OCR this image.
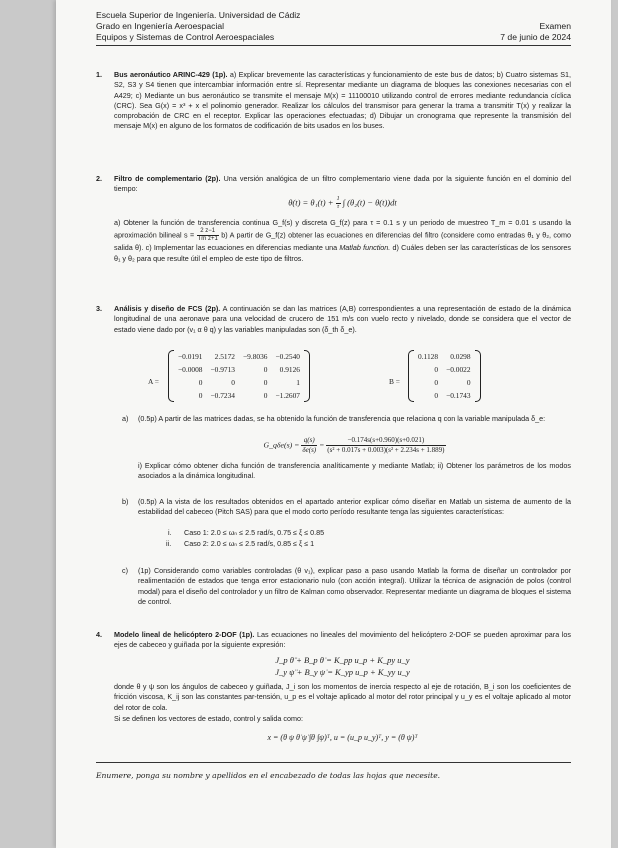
Escuela Superior de Ingeniería. Universidad de Cádiz
Grado en Ingeniería Aeroespacial
Equipos y Sistemas de Control Aeroespaciales
Examen
7 de junio de 2024
1. Bus aeronáutico ARINC-429 (1p). a) Explicar brevemente las características y funcionamiento de este bus de datos; b) Cuatro sistemas S1, S2, S3 y S4 tienen que intercambiar información entre sí. Representar mediante un diagrama de bloques las conexiones necesarias con el A429; c) Mediante un bus aeronáutico se transmite el mensaje M(x) = 11100010 utilizando control de errores mediante redundancia cíclica (CRC). Sea G(x) = x³ + x el polinomio generador. Realizar los cálculos del transmisor para generar la trama a transmitir T(x) y realizar la comprobación de CRC en el receptor. Explicar las operaciones efectuadas; d) Dibujar un cronograma que represente la transmisión del mensaje M(x) en alguno de los formatos de codificación de bits usados en los buses.
2. Filtro de complementario (2p). Una versión analógica de un filtro complementario viene dada por la siguiente función en el dominio del tiempo:
$\theta(t) = \theta_1(t) + \frac{1}{\tau}$ ∫ (θ₂(t) − θ(t))dt
a) Obtener la función de transferencia continua G_f(s) y discreta G_f(z) para τ = 0.1 s y un periodo de muestreo T_m = 0.01 s usando la aproximación bilineal $s = \frac{2 z-1}{\text{Tm z+1}} b$) A partir de G_f(z) obtener las ecuaciones en diferencias del filtro (considere como entradas θ₁ y θ₂, como salida θ). c) Implementar las ecuaciones en diferencias mediante una Matlab function. d) Cuáles deben ser las características de los sensores θ₁ y θ₂ para que resulte útil el empleo de este tipo de filtros.
3. Análisis y diseño de FCS (2p). A continuación se dan las matrices (A,B) correspondientes a una representación de estado de la dinámica longitudinal de una aeronave para una velocidad de crucero de 151 m/s con vuelo recto y nivelado, donde se considera que el vector de estado viene dado por (v₁ α θ q) y las variables manipuladas son (δ_th δ_e).
A =
−0.0191	2.5172	−9.8036	−0.2540
−0.0008	−0.9713	0	0.9126
0	0	0	1
0	−0.7234	0	−1.2607
B =
0.1128	0.0298
0	−0.0022
0	0
0	−0.1743
a) (0.5p) A partir de las matrices dadas, se ha obtenido la función de transferencia que relaciona q con la variable manipulada δ_e:
G_qδe(s) = $\frac{q(s)}{\delta e(s)} = \frac{-0.174s(s+0.960)(s+0.021)}{\text{(s² + 0.017s + 0.003)(s² + 2.234s + 1.889)}}$
i) Explicar cómo obtener dicha función de transferencia analíticamente y mediante Matlab; ii) Obtener los parámetros de los modos asociados a la dinámica longitudinal.
b) (0.5p) A la vista de los resultados obtenidos en el apartado anterior explicar cómo diseñar en Matlab un sistema de aumento de la estabilidad del cabeceo (Pitch SAS) para que el modo corto período resultante tenga las siguientes características:
i. Caso 1: 2.0 ≤ ωₙ ≤ 2.5 rad/s, 0.75 ≤ ξ ≤ 0.85
ii. Caso 2: 2.0 ≤ ωₙ ≤ 2.5 rad/s, 0.85 ≤ ξ ≤ 1
c) (1p) Considerando como variables controladas (θ v₁), explicar paso a paso usando Matlab la forma de diseñar un controlador por realimentación de estados que tenga error estacionario nulo (con acción integral). Utilizar la técnica de asignación de polos (control modal) para el diseño del controlador y un filtro de Kalman como observador. Representar mediante un diagrama de bloques el sistema de control.
4. Modelo lineal de helicóptero 2-DOF (1p). Las ecuaciones no lineales del movimiento del helicóptero 2-DOF se pueden aproximar para los ejes de cabeceo y guiñada por la siguiente expresión:
J_p θ̈ + B_p θ̇ = K_pp u_p + K_py u_y
J_y ψ̈ + B_y ψ̇ = K_yp u_p + K_yy u_y
donde θ y ψ son los ángulos de cabeceo y guiñada, J_i son los momentos de inercia respecto al eje de rotación, B_i son los coeficientes de fricción viscosa, K_ij son las constantes par-tensión, u_p es el voltaje aplicado al motor del rotor principal y u_y es el voltaje aplicado al motor del rotor de cola.
Si se definen los vectores de estado, control y salida como:
x = (θ ψ θ̇ ψ̇ ∫θ ∫ψ)ᵀ, u = (u_p u_y)ᵀ, y = (θ ψ)ᵀ
Enumere, ponga su nombre y apellidos en el encabezado de todas las hojas que necesite.
